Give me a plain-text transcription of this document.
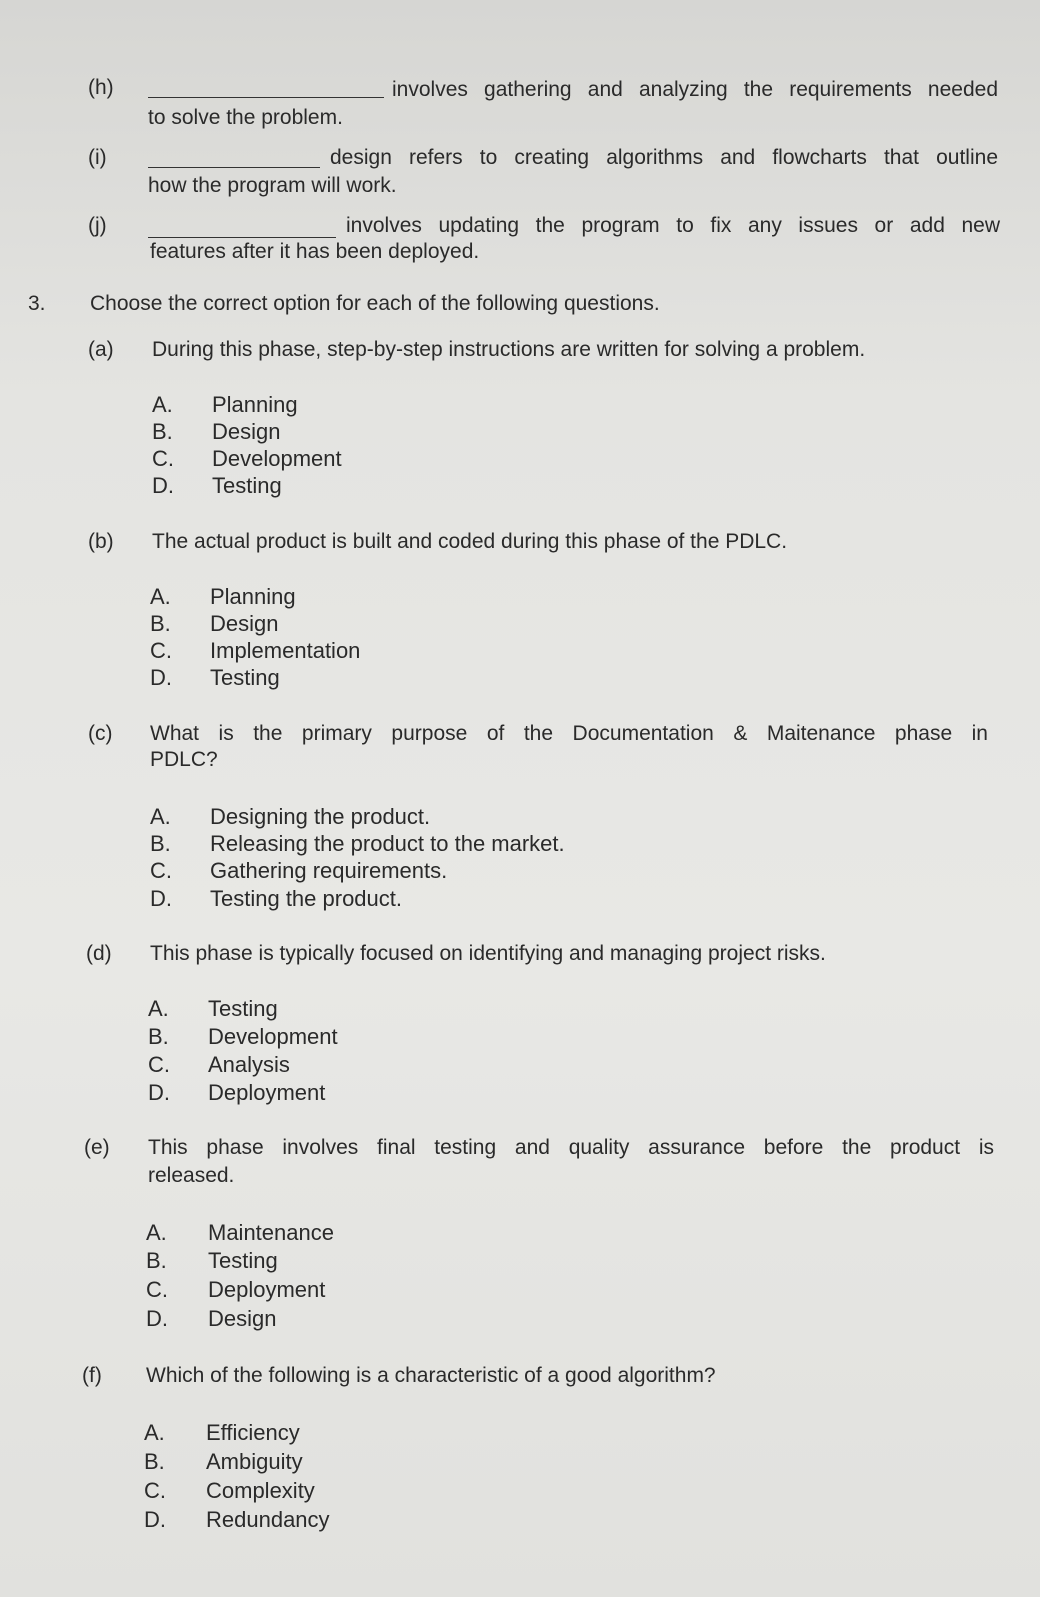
(h)	involves gathering and analyzing the requirements needed
to solve the problem.
(i)	design refers to creating algorithms and flowcharts that outline
how the program will work.
(j)	involves updating the program to fix any issues or add new
features after it has been deployed.
3. Choose the correct option for each of the following questions.
(a) During this phase, step-by-step instructions are written for solving a problem.
A. Planning
B. Design
C. Development
D. Testing
(b) The actual product is built and coded during this phase of the PDLC.
A. Planning
B. Design
C. Implementation
D. Testing
(c) What is the primary purpose of the Documentation & Maitenance phase in
PDLC?
A. Designing the product.
B. Releasing the product to the market.
C. Gathering requirements.
D. Testing the product.
(d) This phase is typically focused on identifying and managing project risks.
A. Testing
B. Development
C. Analysis
D. Deployment
(e) This phase involves final testing and quality assurance before the product is
released.
A. Maintenance
B. Testing
C. Deployment
D. Design
(f) Which of the following is a characteristic of a good algorithm?
A. Efficiency
B. Ambiguity
C. Complexity
D. Redundancy
